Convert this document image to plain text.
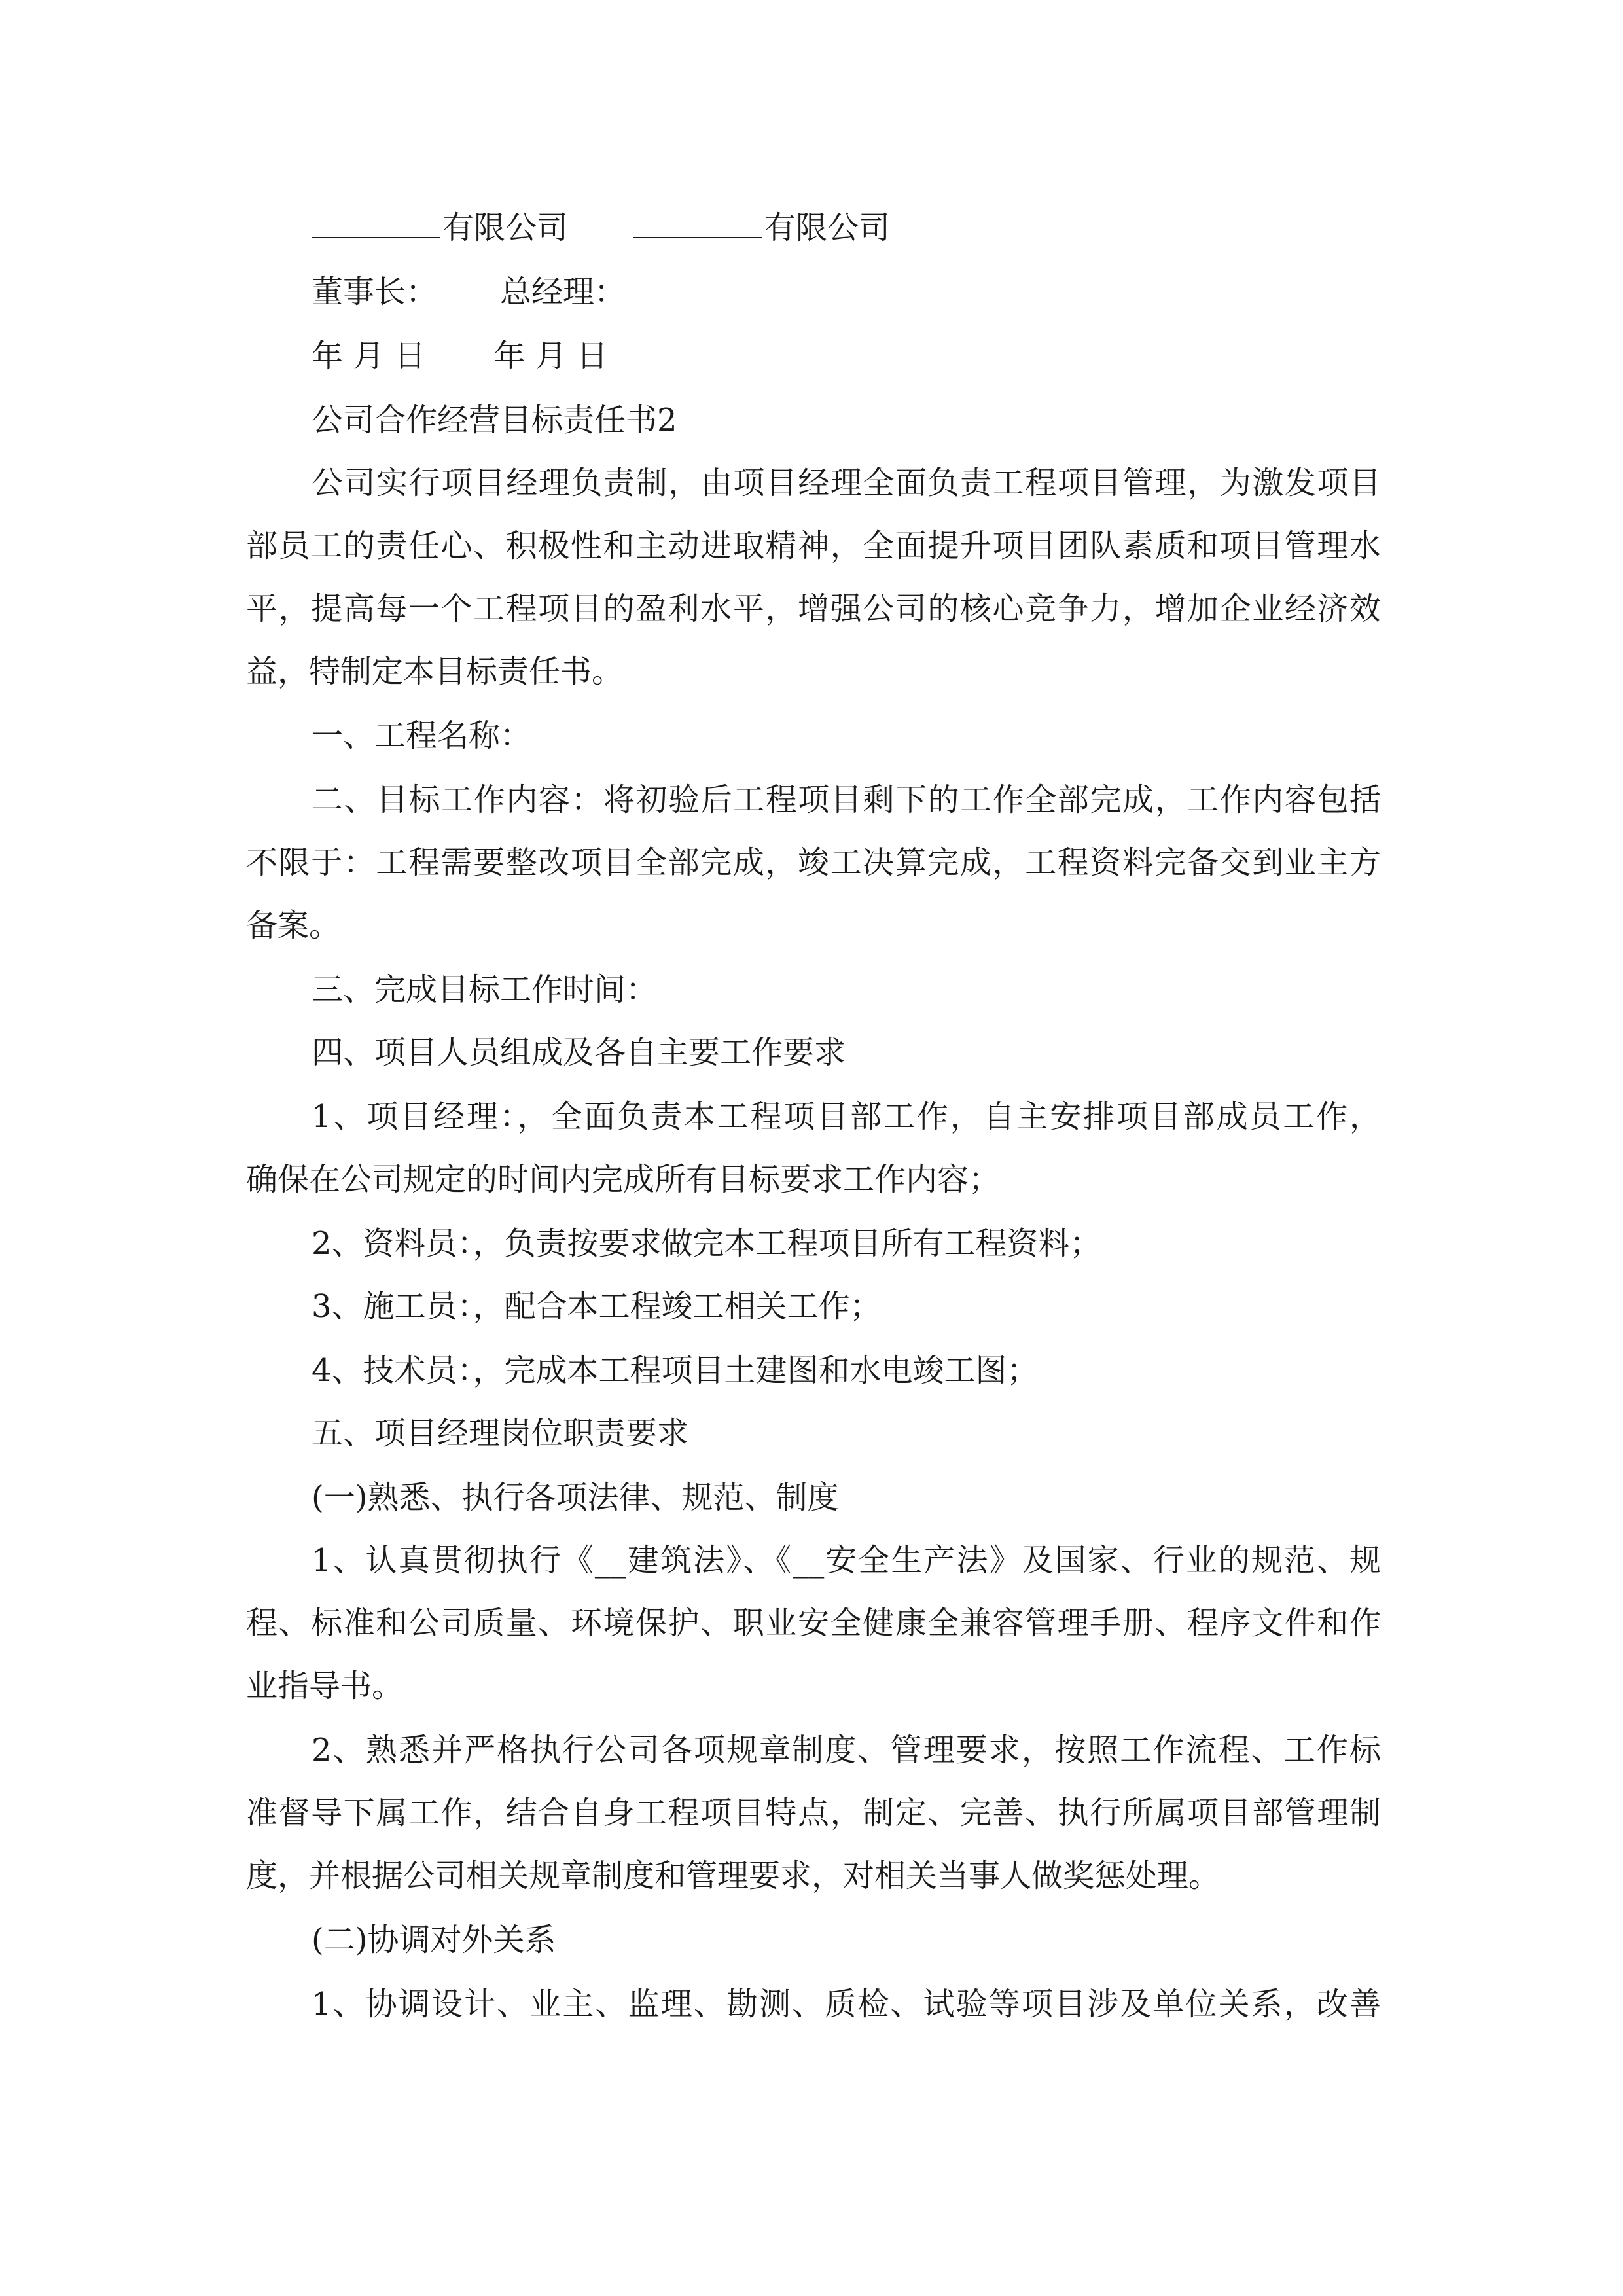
有限公司	有限公司
董事长： 总经理：
年 月 日 年 月 日
公司合作经营目标责任书2
公司实行项目经理负责制，由项目经理全面负责工程项目管理，为激发项目
部员工的责任心、积极性和主动进取精神，全面提升项目团队素质和项目管理水
平，提高每一个工程项目的盈利水平，增强公司的核心竞争力，增加企业经济效
益，特制定本目标责任书。
一、工程名称：
二、目标工作内容：将初验后工程项目剩下的工作全部完成，工作内容包括
不限于：工程需要整改项目全部完成，竣工决算完成，工程资料完备交到业主方
备案。
三、完成目标工作时间：
四、项目人员组成及各自主要工作要求
1、项目经理：，全面负责本工程项目部工作，自主安排项目部成员工作，
确保在公司规定的时间内完成所有目标要求工作内容；
2、资料员：，负责按要求做完本工程项目所有工程资料；
3、施工员：，配合本工程竣工相关工作；
4、技术员：，完成本工程项目土建图和水电竣工图；
五、项目经理岗位职责要求
(一)熟悉、执行各项法律、规范、制度
1、认真贯彻执行《__建筑法》、《__安全生产法》及国家、行业的规范、规
程、标准和公司质量、环境保护、职业安全健康全兼容管理手册、程序文件和作
业指导书。
2、熟悉并严格执行公司各项规章制度、管理要求，按照工作流程、工作标
准督导下属工作，结合自身工程项目特点，制定、完善、执行所属项目部管理制
度，并根据公司相关规章制度和管理要求，对相关当事人做奖惩处理。
(二)协调对外关系
1、协调设计、业主、监理、勘测、质检、试验等项目涉及单位关系，改善
